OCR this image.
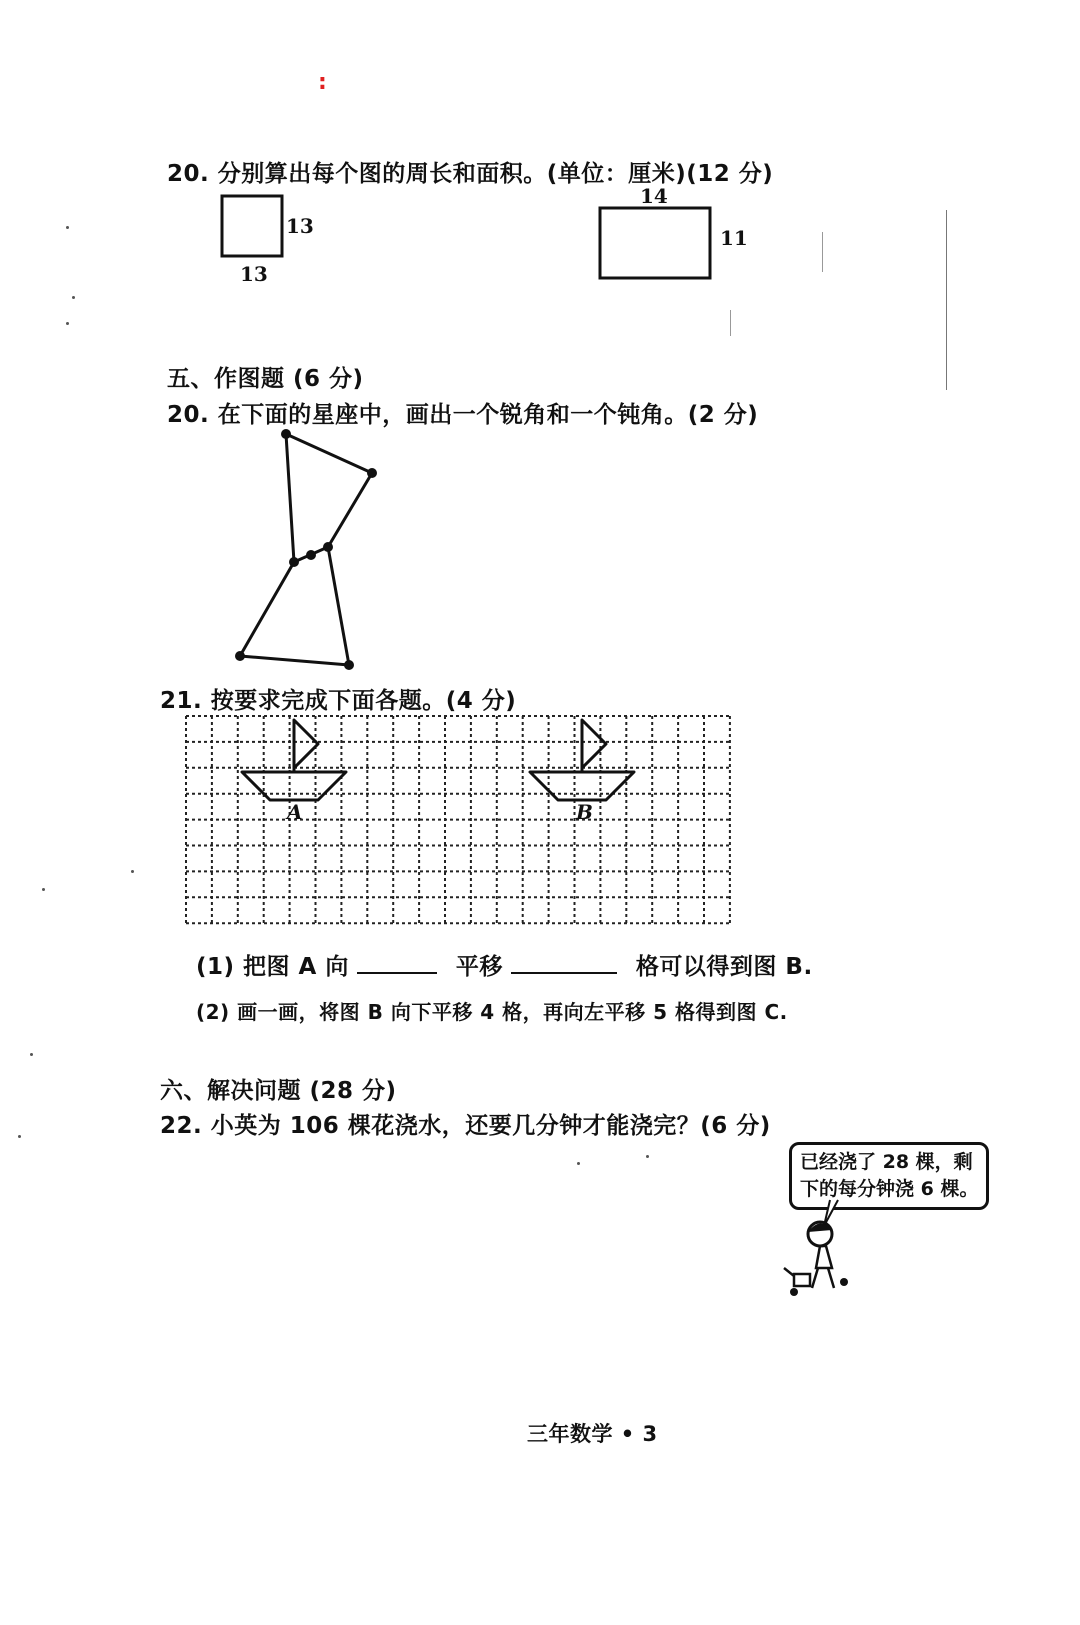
:
20. 分别算出每个图的周长和面积。(单位：厘米)(12 分)
13
13
14
11
五、作图题 (6 分)
20. 在下面的星座中，画出一个锐角和一个钝角。(2 分)
21. 按要求完成下面各题。(4 分)
A	B
(1) 把图 A 向	平移	格可以得到图 B.
(2) 画一画，将图 B 向下平移 4 格，再向左平移 5 格得到图 C.
六、解决问题 (28 分)
22. 小英为 106 棵花浇水，还要几分钟才能浇完？(6 分)
已经浇了 28 棵，剩
下的每分钟浇 6 棵。
三年数学 • 3
